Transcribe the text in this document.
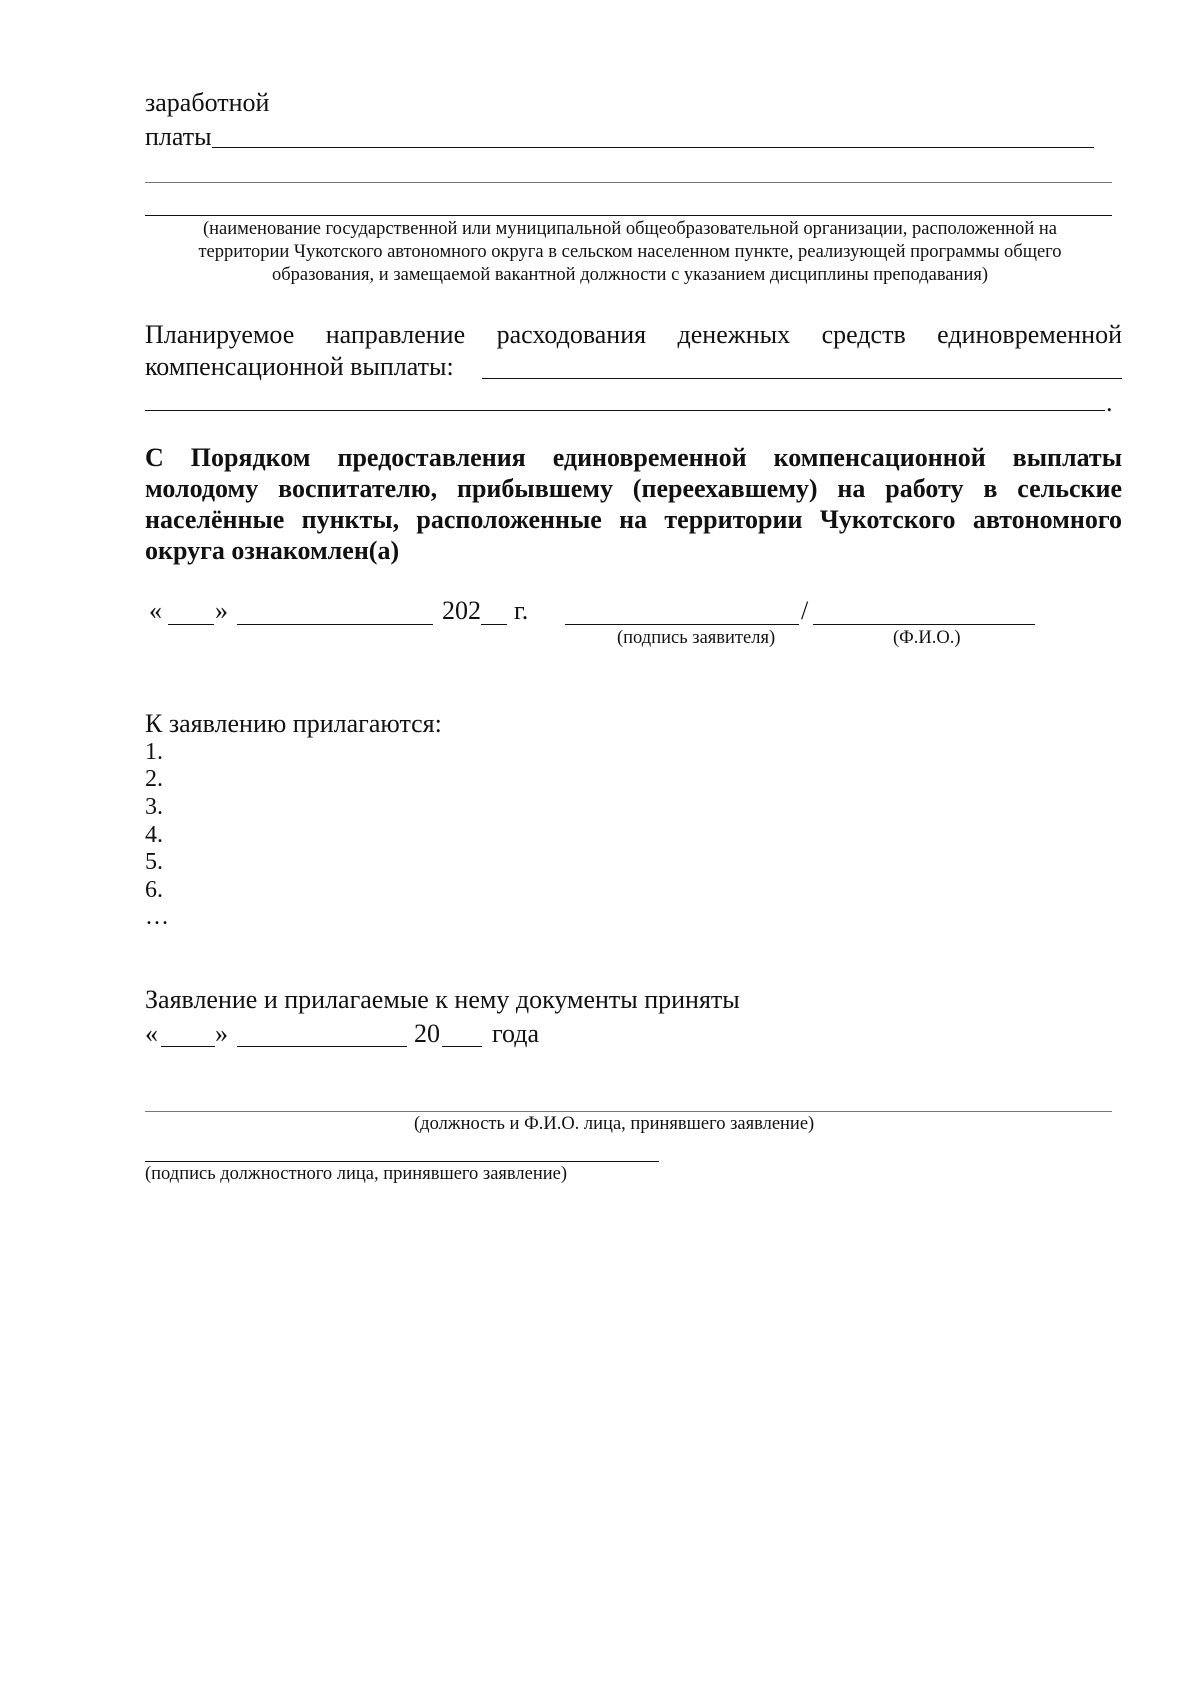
заработной
платы
(наименование государственной или муниципальной общеобразовательной организации, расположенной на
территории Чукотского автономного округа в сельском населенном пункте, реализующей программы общего
образования, и замещаемой вакантной должности с указанием дисциплины преподавания)
Планируемое направление расходования денежных средств единовременной
компенсационной выплаты:
.
С Порядком предоставления единовременной компенсационной выплаты
молодому воспитателю, прибывшему (переехавшему) на работу в сельские
населённые пункты, расположенные на территории Чукотского автономного
округа ознакомлен(а)
« »	202 г.	/
(подпись заявителя)	(Ф.И.О.)
К заявлению прилагаются:
1.
2.
3.
4.
5.
6.
…
Заявление и прилагаемые к нему документы приняты
« »	20 года
(должность и Ф.И.О. лица, принявшего заявление)
(подпись должностного лица, принявшего заявление)
